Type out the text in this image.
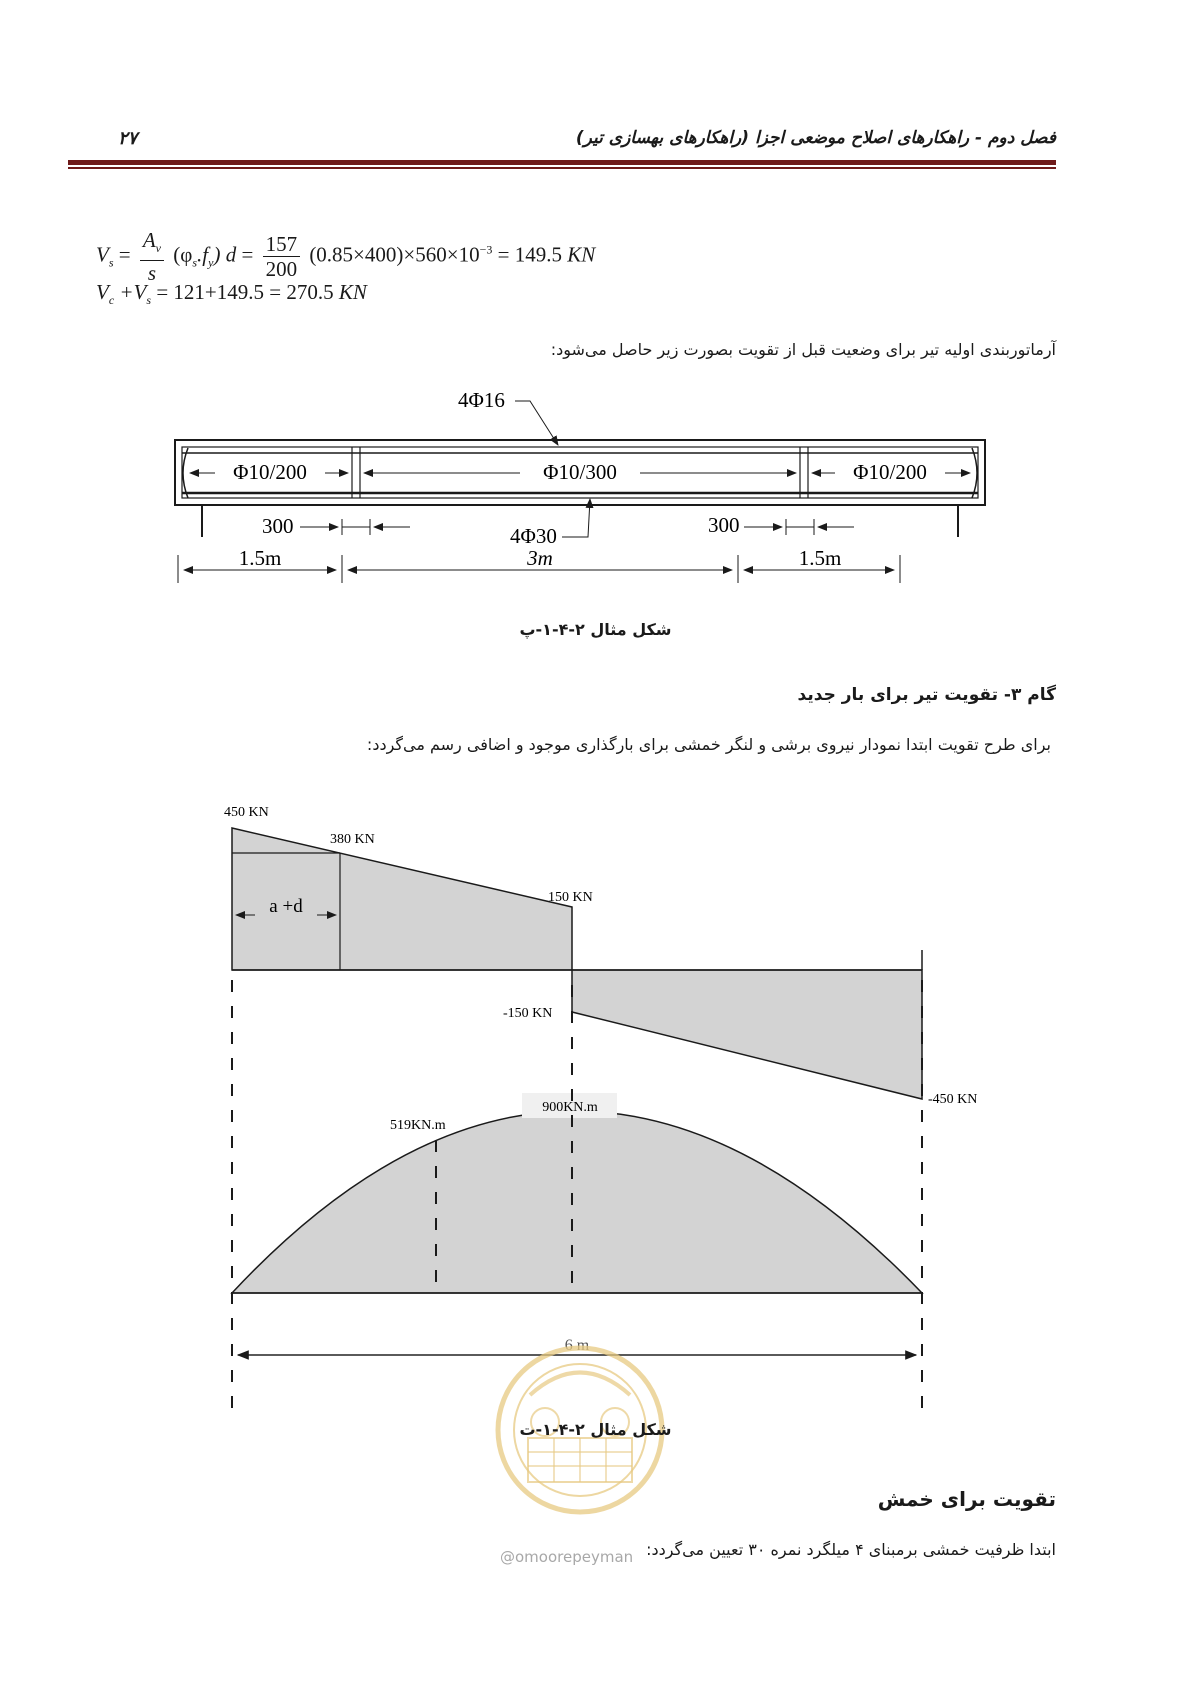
فصل دوم - راهکارهای اصلاح موضعی اجزا (راهکارهای بهسازی تیر)
۲۷
$V_s = \frac{A_v}{s} (\varphi_s.f_y) d = \frac{157}{200} (0.85\times 400)\times 560\times 10^{-3} = 149.5$ KN
$V_c +V_s = 121+149.5 = 270.5$ KN
آرماتوربندی اولیه تیر برای وضعیت قبل از تقویت بصورت زیر حاصل می‌شود:
Φ10/200	Φ10/300	Φ10/200
4Φ16
300	300
4Φ30
1.5m	3m	1.5m
شکل مثال ۲-۴-۱-پ
گام ۳- تقویت تیر برای بار جدید
برای طرح تقویت ابتدا نمودار نیروی برشی و لنگر خمشی برای بارگذاری موجود و اضافی رسم می‌گردد:
a +d
450 KN
380 KN
150 KN
-150 KN
-450 KN
900KN.m
519KN.m
6 m
شکل مثال ۲-۴-۱-ت
تقویت برای خمش
ابتدا ظرفیت خمشی برمبنای ۴ میلگرد نمره ۳۰ تعیین می‌گردد:
@omoorepeyman
